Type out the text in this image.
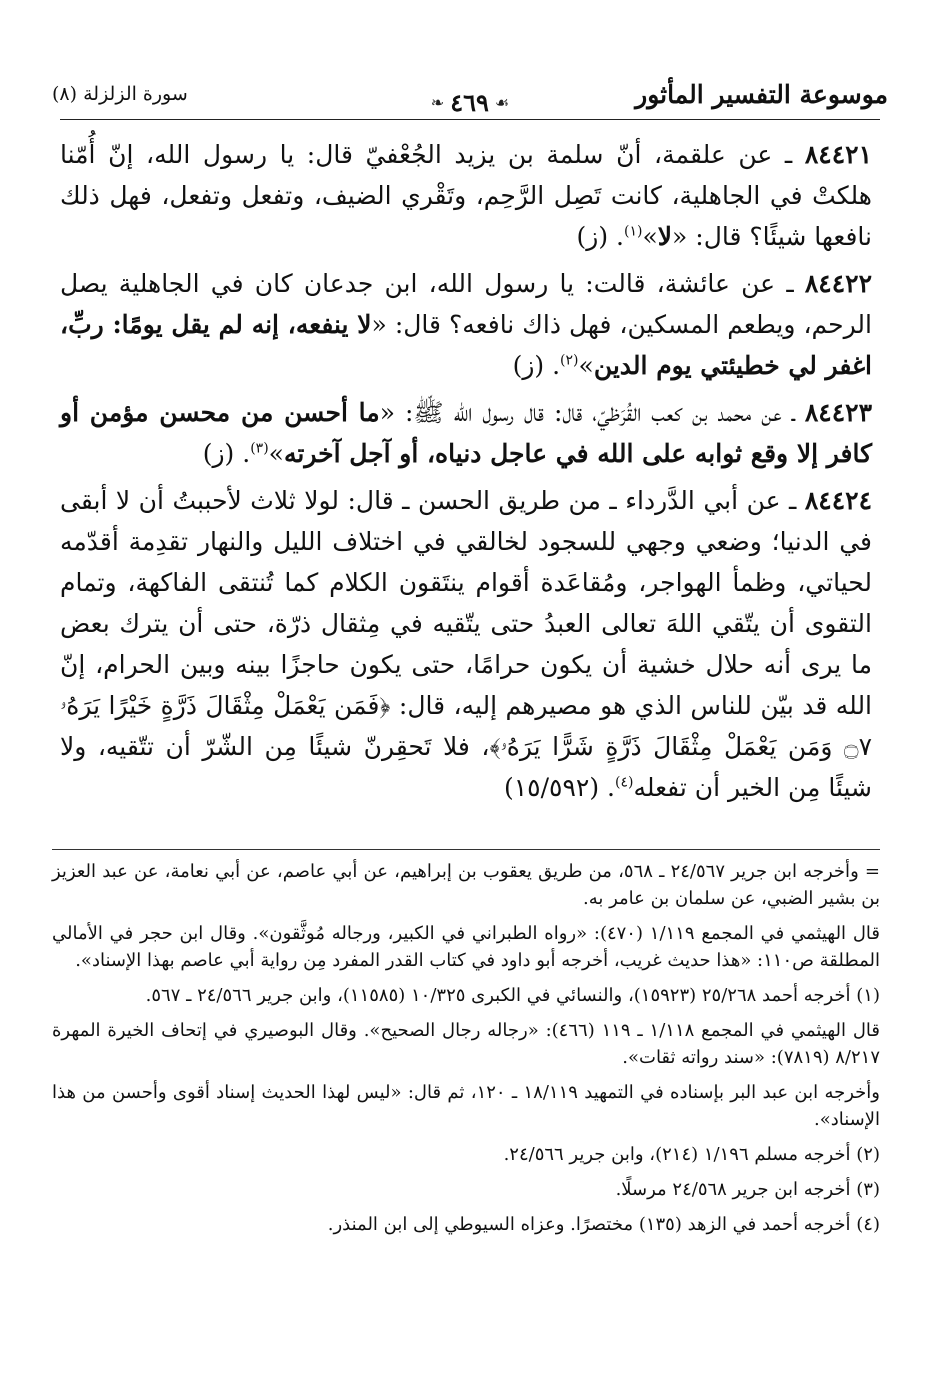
موسوعة التفسير المأثور
سورة الزلزلة (٨)	❧ ٤٦٩ ☙

٨٤٤٢١ ـ عن علقمة، أنّ سلمة بن يزيد الجُعْفيّ قال: يا رسول الله، إنّ أُمّنا هلكتْ في الجاهلية، كانت تَصِل الرَّحِم، وتَقْري الضيف، وتفعل وتفعل، فهل ذلك نافعها شيئًا؟ قال: «لا»$^{(١)}$. (ز)

٨٤٤٢٢ ـ عن عائشة، قالت: يا رسول الله، ابن جدعان كان في الجاهلية يصل الرحم، ويطعم المسكين، فهل ذاك نافعه؟ قال: «لا ينفعه، إنه لم يقل يومًا: ربِّ، اغفر لي خطيئتي يوم الدين»$^{(٢)}$. (ز)

٨٤٤٢٣ ـ عن محمد بن كعب القُرَظيّ، قال: قال رسول الله ﷺ: «ما أحسن من محسن مؤمن أو كافر إلا وقع ثوابه على الله في عاجل دنياه، أو آجل آخرته»$^{(٣)}$. (ز)

٨٤٤٢٤ ـ عن أبي الدَّرداء ـ من طريق الحسن ـ قال: لولا ثلاث لأحببتُ أن لا أبقى في الدنيا؛ وضعي وجهي للسجود لخالقي في اختلاف الليل والنهار تقدِمة أقدّمه لحياتي، وظمأ الهواجر، ومُقاعَدة أقوام ينتَقون الكلام كما تُنتقى الفاكهة، وتمام التقوى أن يتّقي اللهَ تعالى العبدُ حتى يتّقيه في مِثقال ذرّة، حتى أن يترك بعض ما يرى أنه حلال خشية أن يكون حرامًا، حتى يكون حاجزًا بينه وبين الحرام، إنّ الله قد بيّن للناس الذي هو مصيرهم إليه، قال: ﴿فَمَن يَعْمَلْ مِثْقَالَ ذَرَّةٍ خَيْرًا يَرَهُۥ ۝٧ وَمَن يَعْمَلْ مِثْقَالَ ذَرَّةٍ شَرًّا يَرَهُۥ﴾، فلا تَحقِرنّ شيئًا مِن الشّرّ أن تتّقيه، ولا شيئًا مِن الخير أن تفعله$^{(٤)}$. (١٥/٥٩٢)

= وأخرجه ابن جرير ٢٤/٥٦٧ ـ ٥٦٨، من طريق يعقوب بن إبراهيم، عن أبي عاصم، عن أبي نعامة، عن عبد العزيز بن بشير الضبي، عن سلمان بن عامر به.

قال الهيثمي في المجمع ١/١١٩ (٤٧٠): «رواه الطبراني في الكبير، ورجاله مُوثَّقون». وقال ابن حجر في الأمالي المطلقة ص١١٠: «هذا حديث غريب، أخرجه أبو داود في كتاب القدر المفرد مِن رواية أبي عاصم بهذا الإسناد».

(١) أخرجه أحمد ٢٥/٢٦٨ (١٥٩٢٣)، والنسائي في الكبرى ١٠/٣٢٥ (١١٥٨٥)، وابن جرير ٢٤/٥٦٦ ـ ٥٦٧.

قال الهيثمي في المجمع ١/١١٨ ـ ١١٩ (٤٦٦): «رجاله رجال الصحيح». وقال البوصيري في إتحاف الخيرة المهرة ٨/٢١٧ (٧٨١٩): «سند رواته ثقات».

وأخرجه ابن عبد البر بإسناده في التمهيد ١٨/١١٩ ـ ١٢٠، ثم قال: «ليس لهذا الحديث إسناد أقوى وأحسن من هذا الإسناد».

(٢) أخرجه مسلم ١/١٩٦ (٢١٤)، وابن جرير ٢٤/٥٦٦.

(٣) أخرجه ابن جرير ٢٤/٥٦٨ مرسلًا.

(٤) أخرجه أحمد في الزهد (١٣٥) مختصرًا. وعزاه السيوطي إلى ابن المنذر.
